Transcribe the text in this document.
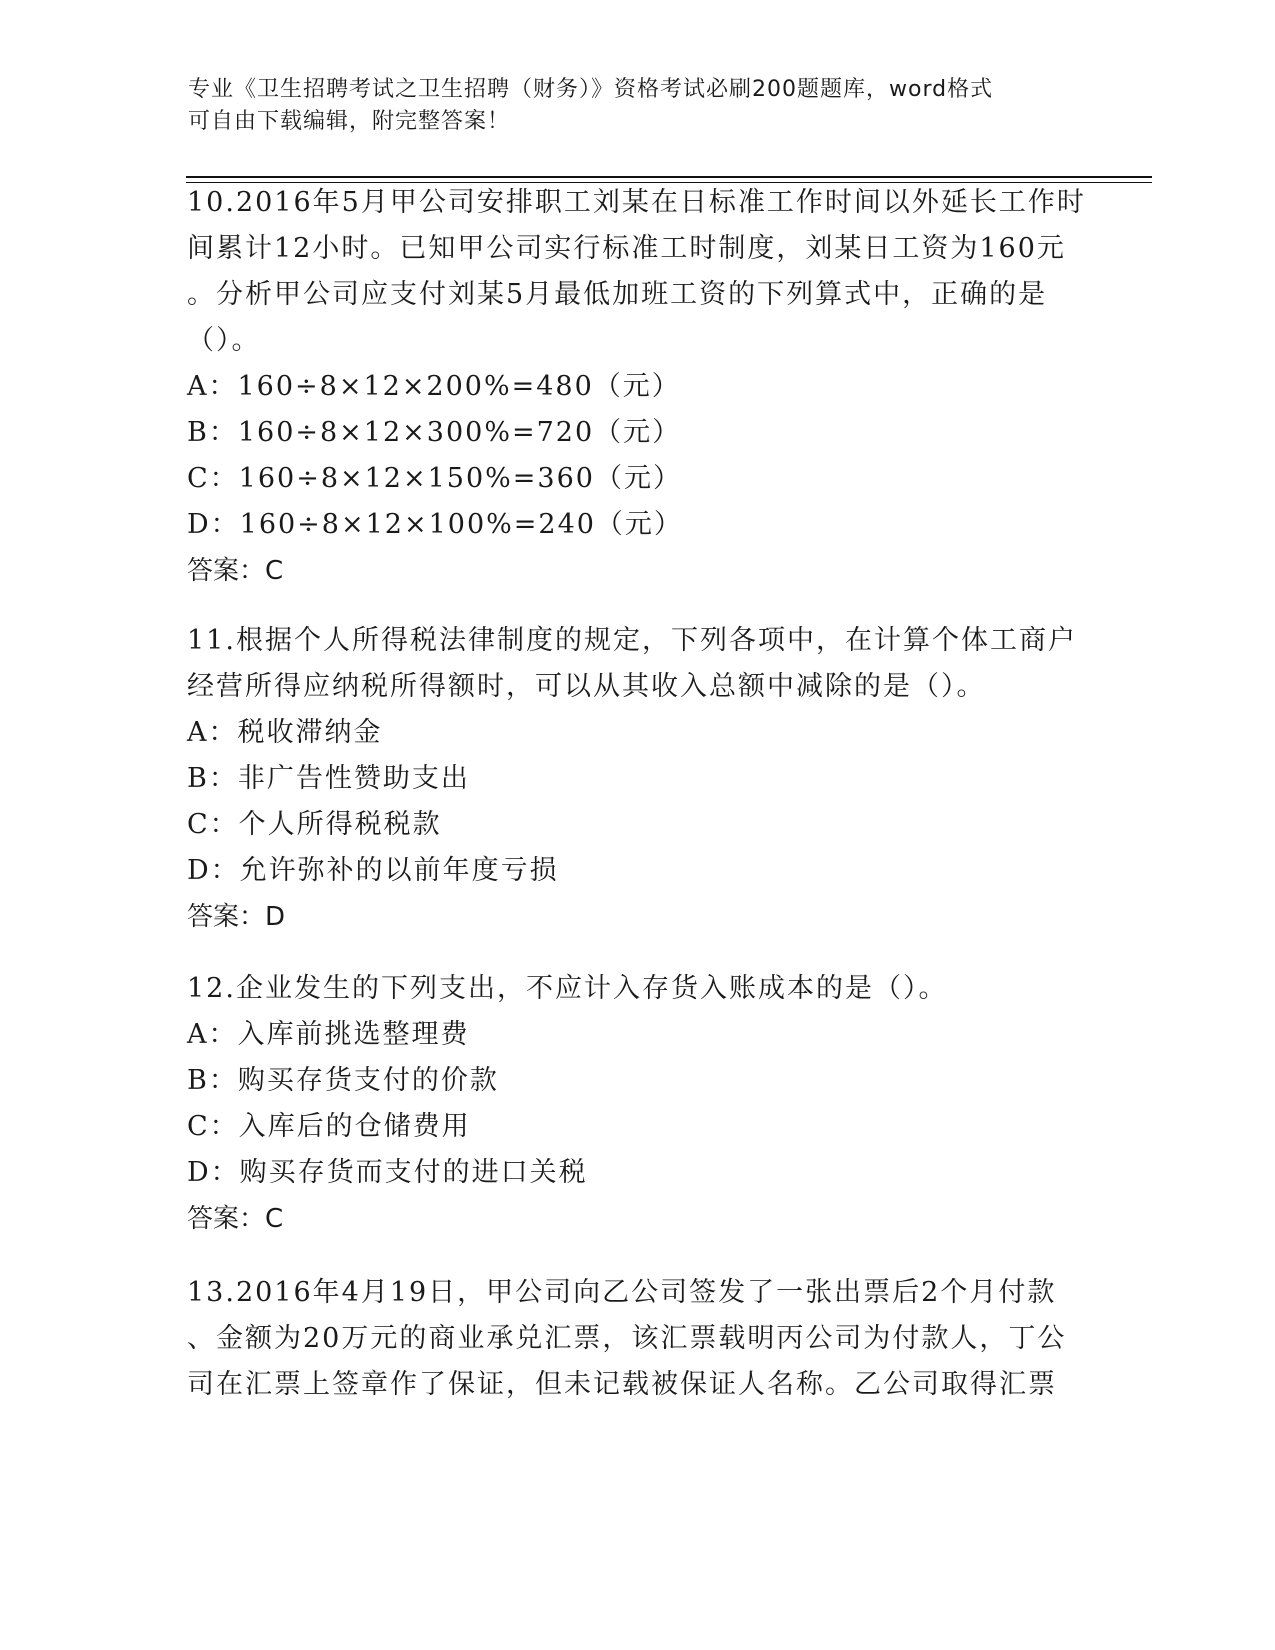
专业《卫生招聘考试之卫生招聘（财务）》资格考试必刷200题题库，word格式
可自由下载编辑，附完整答案！
10.2016年5月甲公司安排职工刘某在日标准工作时间以外延长工作时
间累计12小时。已知甲公司实行标准工时制度，刘某日工资为160元
。分析甲公司应支付刘某5月最低加班工资的下列算式中，正确的是
（）。
A：160÷8×12×200%=480（元）
B：160÷8×12×300%=720（元）
C：160÷8×12×150%=360（元）
D：160÷8×12×100%=240（元）
答案：C
11.根据个人所得税法律制度的规定，下列各项中，在计算个体工商户
经营所得应纳税所得额时，可以从其收入总额中减除的是（）。
A：税收滞纳金
B：非广告性赞助支出
C：个人所得税税款
D：允许弥补的以前年度亏损
答案：D
12.企业发生的下列支出，不应计入存货入账成本的是（）。
A：入库前挑选整理费
B：购买存货支付的价款
C：入库后的仓储费用
D：购买存货而支付的进口关税
答案：C
13.2016年4月19日，甲公司向乙公司签发了一张出票后2个月付款
、金额为20万元的商业承兑汇票，该汇票载明丙公司为付款人，丁公
司在汇票上签章作了保证，但未记载被保证人名称。乙公司取得汇票
